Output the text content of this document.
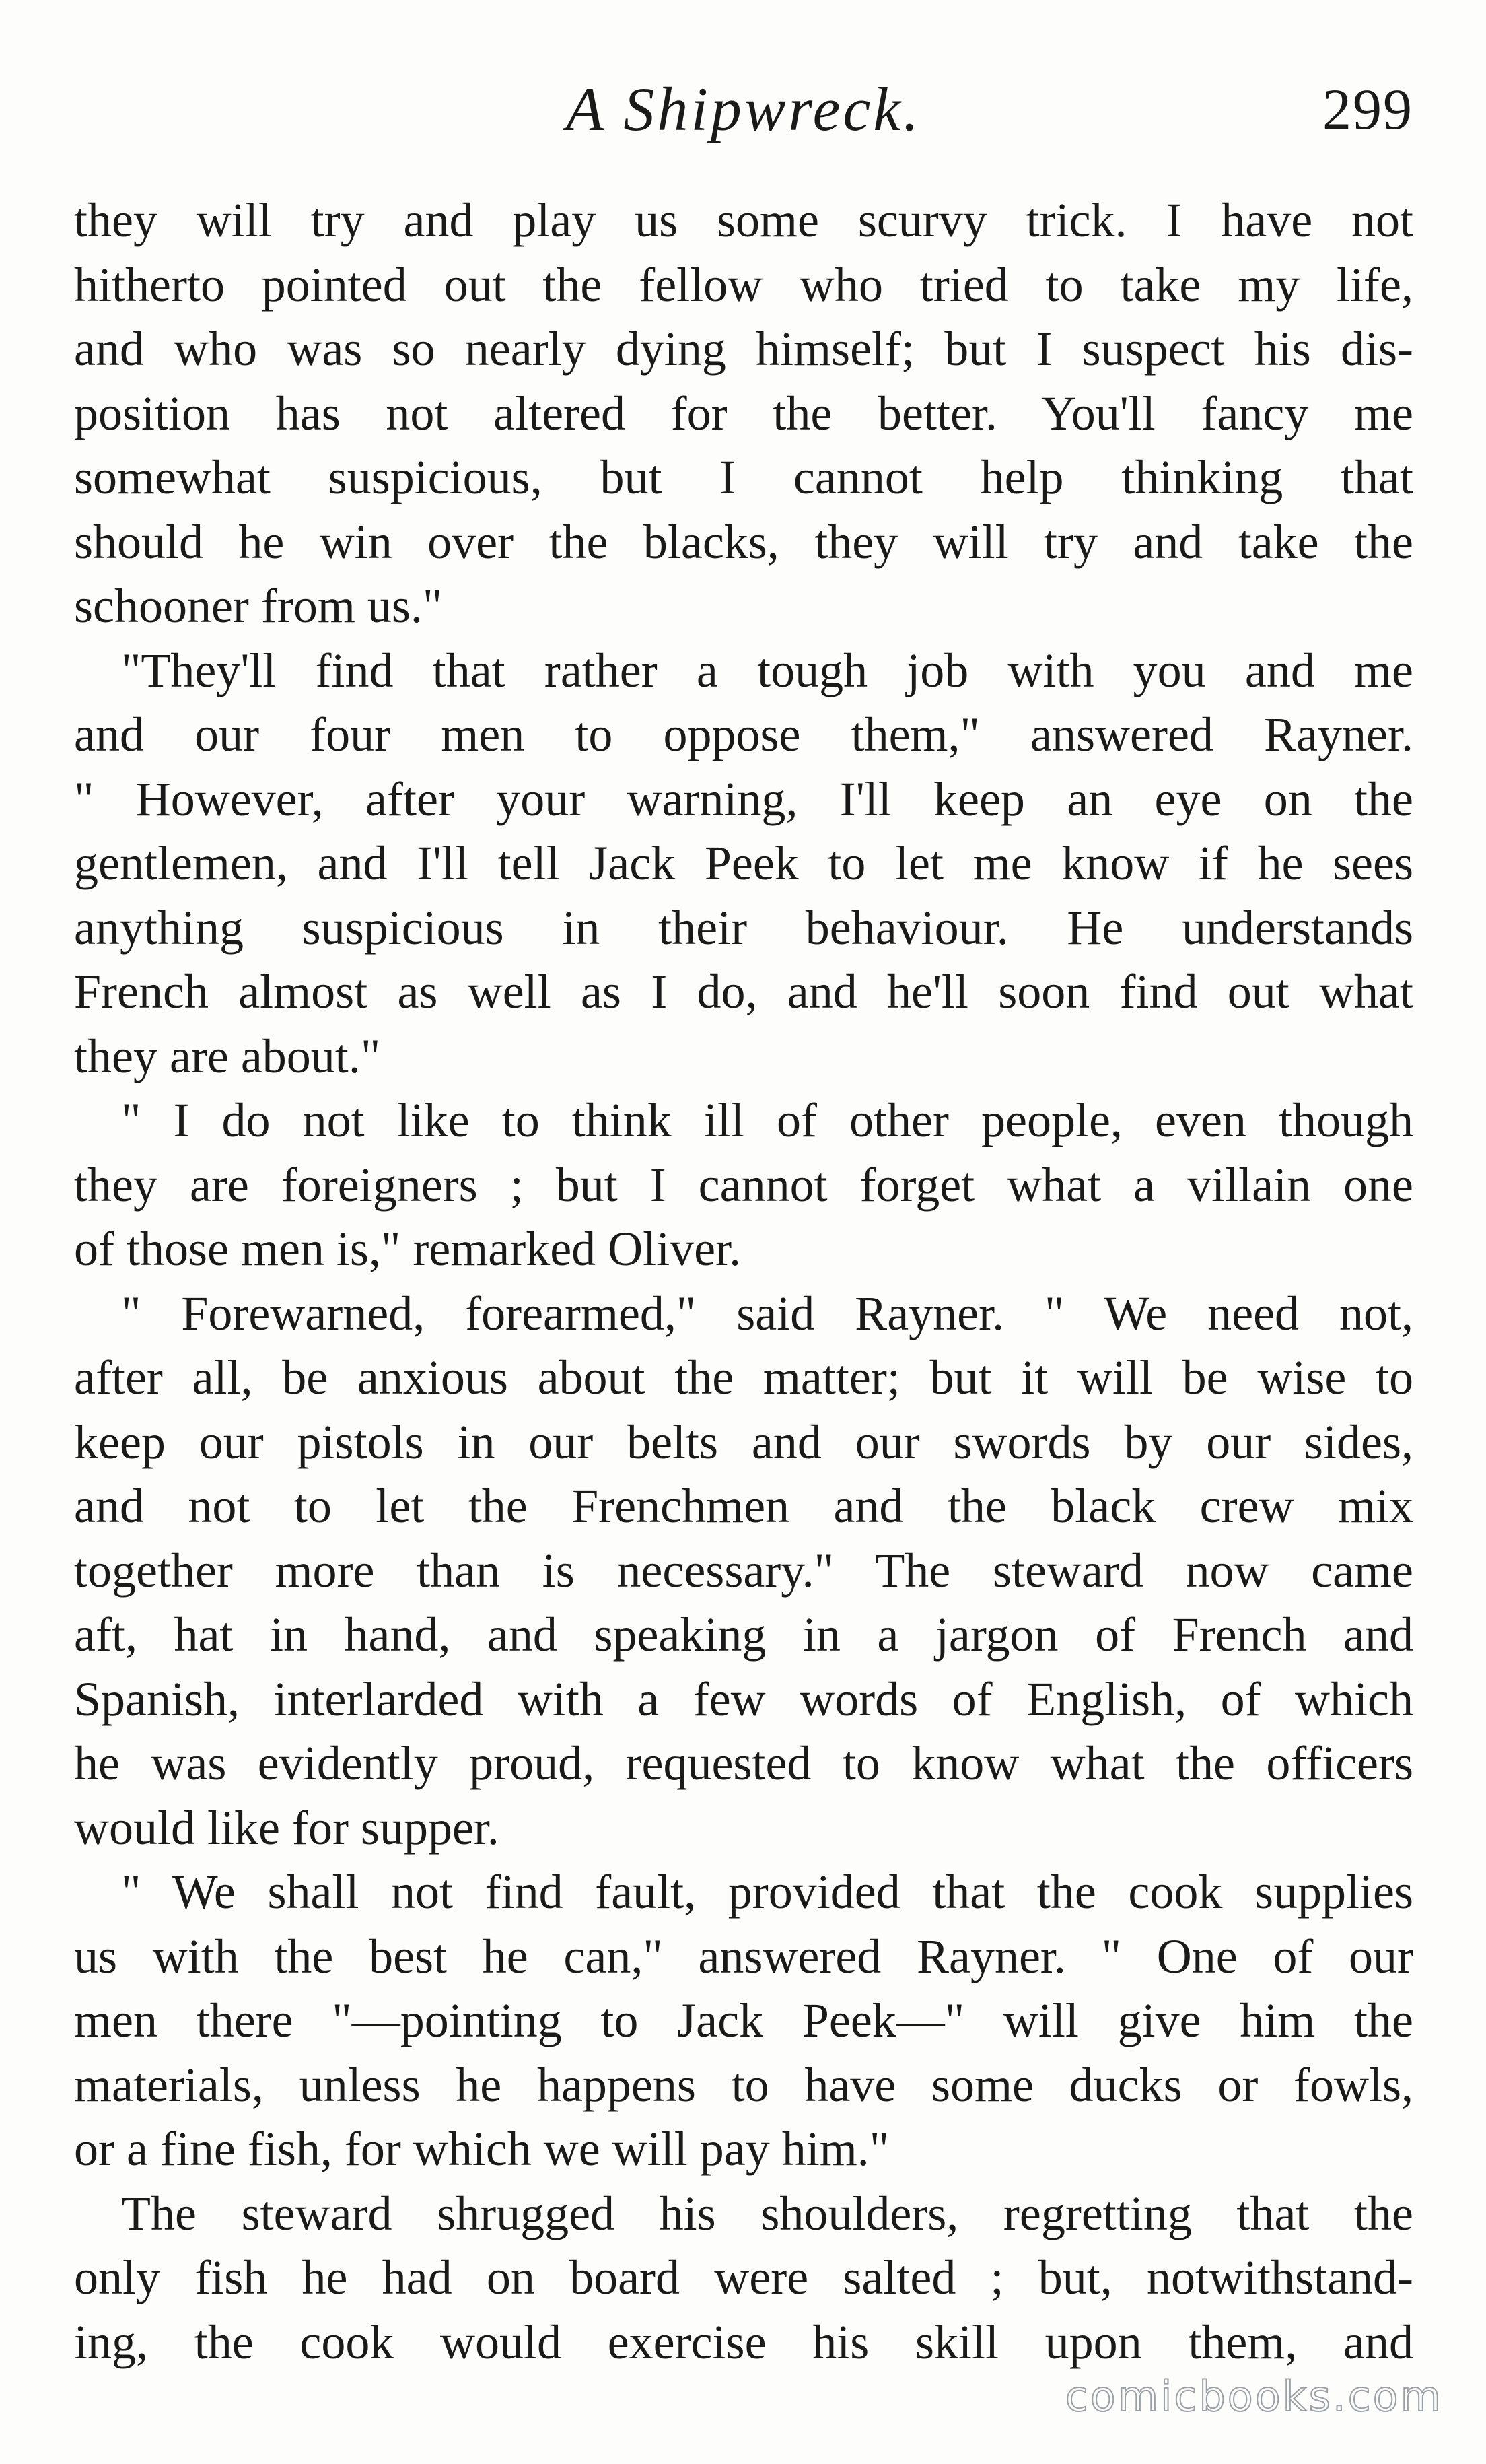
A Shipwreck.	299
they will try and play us some scurvy trick. I have not
hitherto pointed out the fellow who tried to take my life,
and who was so nearly dying himself; but I suspect his dis-
position has not altered for the better. You'll fancy me
somewhat suspicious, but I cannot help thinking that
should he win over the blacks, they will try and take the
schooner from us."
"They'll find that rather a tough job with you and me
and our four men to oppose them," answered Rayner.
" However, after your warning, I'll keep an eye on the
gentlemen, and I'll tell Jack Peek to let me know if he sees
anything suspicious in their behaviour. He understands
French almost as well as I do, and he'll soon find out what
they are about."
" I do not like to think ill of other people, even though
they are foreigners ; but I cannot forget what a villain one
of those men is," remarked Oliver.
" Forewarned, forearmed," said Rayner. " We need not,
after all, be anxious about the matter; but it will be wise to
keep our pistols in our belts and our swords by our sides,
and not to let the Frenchmen and the black crew mix
together more than is necessary." The steward now came
aft, hat in hand, and speaking in a jargon of French and
Spanish, interlarded with a few words of English, of which
he was evidently proud, requested to know what the officers
would like for supper.
" We shall not find fault, provided that the cook supplies
us with the best he can," answered Rayner. " One of our
men there "—pointing to Jack Peek—" will give him the
materials, unless he happens to have some ducks or fowls,
or a fine fish, for which we will pay him."
The steward shrugged his shoulders, regretting that the
only fish he had on board were salted ; but, notwithstand-
ing, the cook would exercise his skill upon them, and
comicbooks.com
